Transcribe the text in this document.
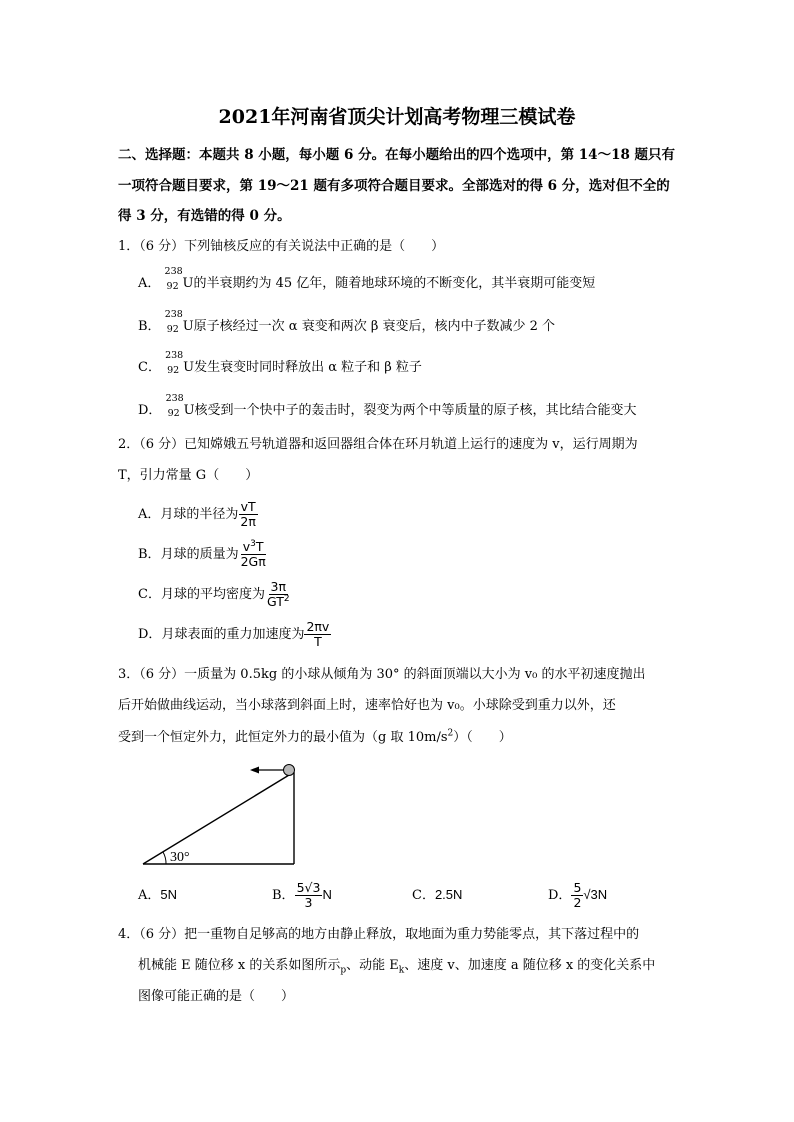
2021年河南省顶尖计划高考物理三模试卷
二、选择题：本题共 8 小题，每小题 6 分。在每小题给出的四个选项中，第 14～18 题只有
一项符合题目要求，第 19～21 题有多项符合题目要求。全部选对的得 6 分，选对但不全的
得 3 分，有选错的得 0 分。
1．（6 分）下列铀核反应的有关说法中正确的是（　　）
A．
238
92 U的半衰期约为 45 亿年，随着地球环境的不断变化，其半衰期可能变短
B．
238
92 U原子核经过一次 α 衰变和两次 β 衰变后，核内中子数减少 2 个
C．
238
92 U发生衰变时同时释放出 α 粒子和 β 粒子
D．
238
92 U核受到一个快中子的轰击时，裂变为两个中等质量的原子核，其比结合能变大
2．（6 分）已知嫦娥五号轨道器和返回器组合体在环月轨道上运行的速度为 v，运行周期为
T，引力常量 G（　　）
A．月球的半径为 $\frac{vT}{2\pi}$
B．月球的质量为 $\frac{v^3T}{2G\pi}$
C．月球的平均密度为 $\frac{3\pi}{GT^2}$
D．月球表面的重力加速度为 $\frac{2\pi v}{T}$
3．（6 分）一质量为 0.5kg 的小球从倾角为 30° 的斜面顶端以大小为 v₀ 的水平初速度抛出
后开始做曲线运动，当小球落到斜面上时，速率恰好也为 v₀。小球除受到重力以外，还
受到一个恒定外力，此恒定外力的最小值为（g 取 $10m/s^2$）（　　）
30°
A．5N	B． $\frac{5√3}{3}$ N	C．2.5N	D． $\frac{5}{2} √3N$
4．（6 分）把一重物自足够高的地方由静止释放，取地面为重力势能零点，其下落过程中的
机械能 E 随位移 x 的关系如图所示$_p$、动能 $E_k$、速度 v、加速度 a 随位移 x 的变化关系中
图像可能正确的是（　　）
